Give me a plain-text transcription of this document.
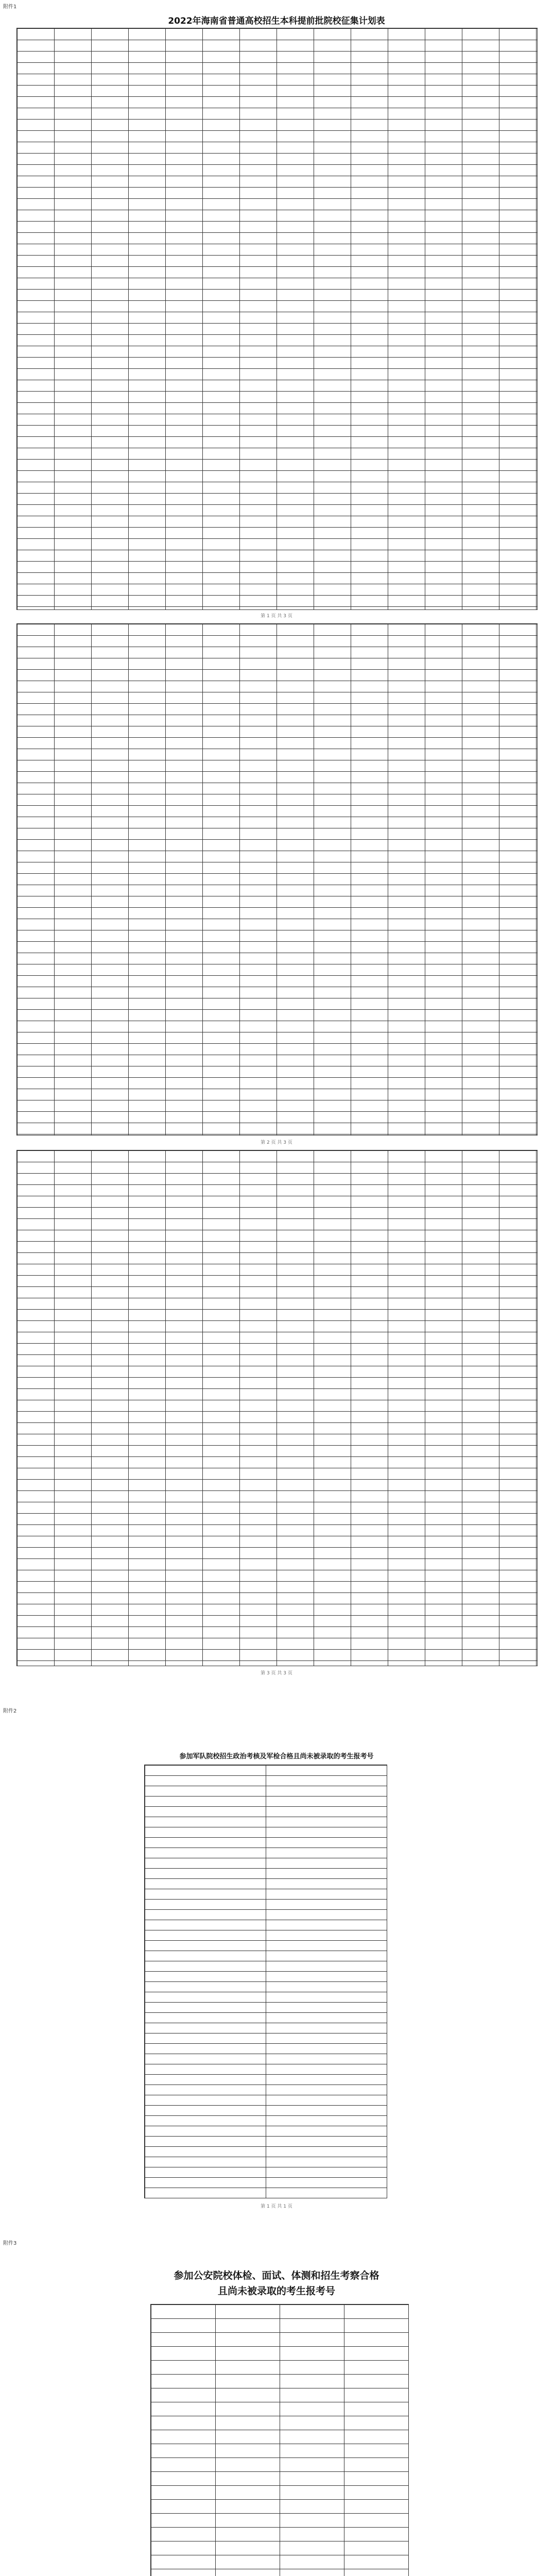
附件1
2022年海南省普通高校招生本科提前批院校征集计划表
第 1 页 共 3 页
第 2 页 共 3 页
第 3 页 共 3 页
附件2
参加军队院校招生政治考核及军检合格且尚未被录取的考生报考号
第 1 页 共 1 页
附件3
参加公安院校体检、面试、体测和招生考察合格
且尚未被录取的考生报考号
